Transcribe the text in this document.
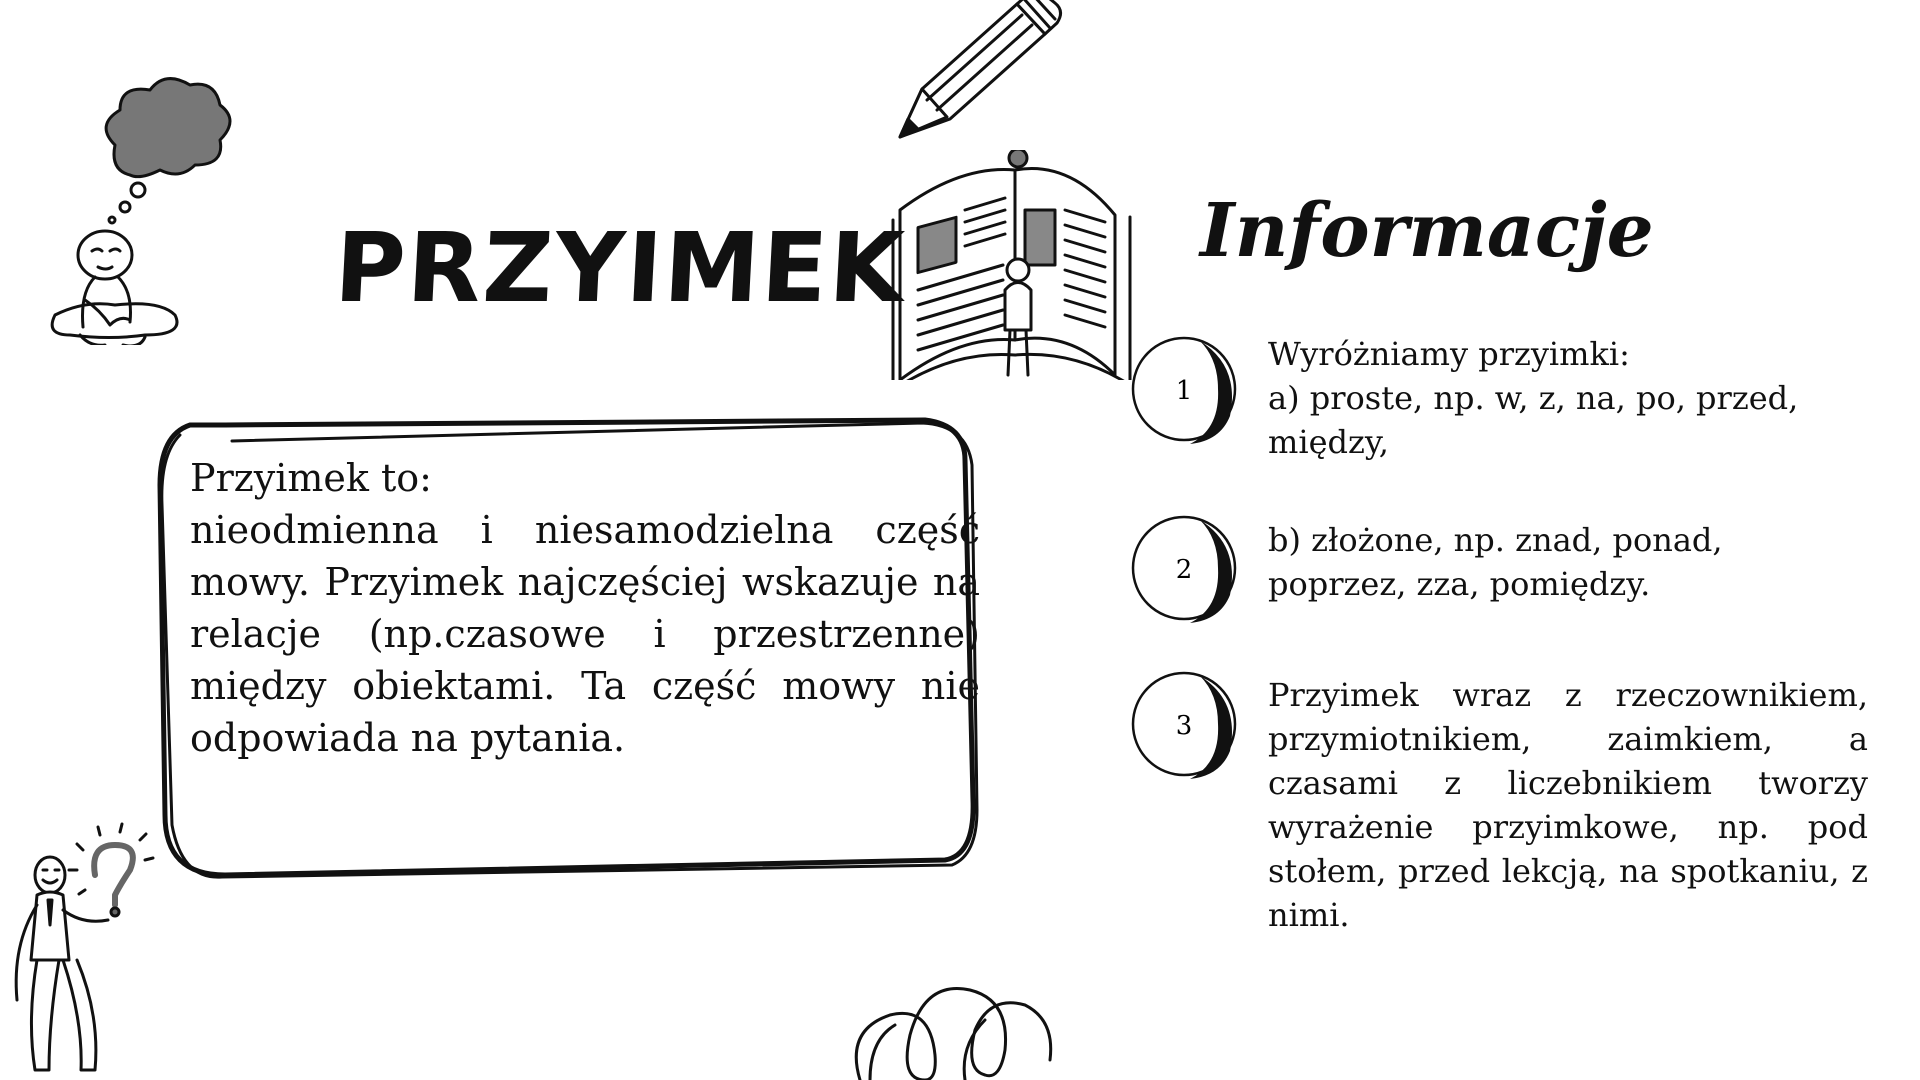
PRZYIMEK	Informacje
Przyimek to:
nieodmienna i niesamodzielna część mowy. Przyimek najczęściej wskazuje na relacje (np.czasowe i przestrzenne) między obiektami. Ta część mowy nie odpowiada na pytania.
1
2
3
Wyróżniamy przyimki:
a) proste, np. w, z, na, po, przed, między,
b) złożone, np. znad, ponad, poprzez, zza, pomiędzy.
Przyimek wraz z rzeczownikiem, przymiotnikiem, zaimkiem, a czasami z liczebnikiem tworzy wyrażenie przyimkowe, np. pod stołem, przed lekcją, na spotkaniu, z nimi.
